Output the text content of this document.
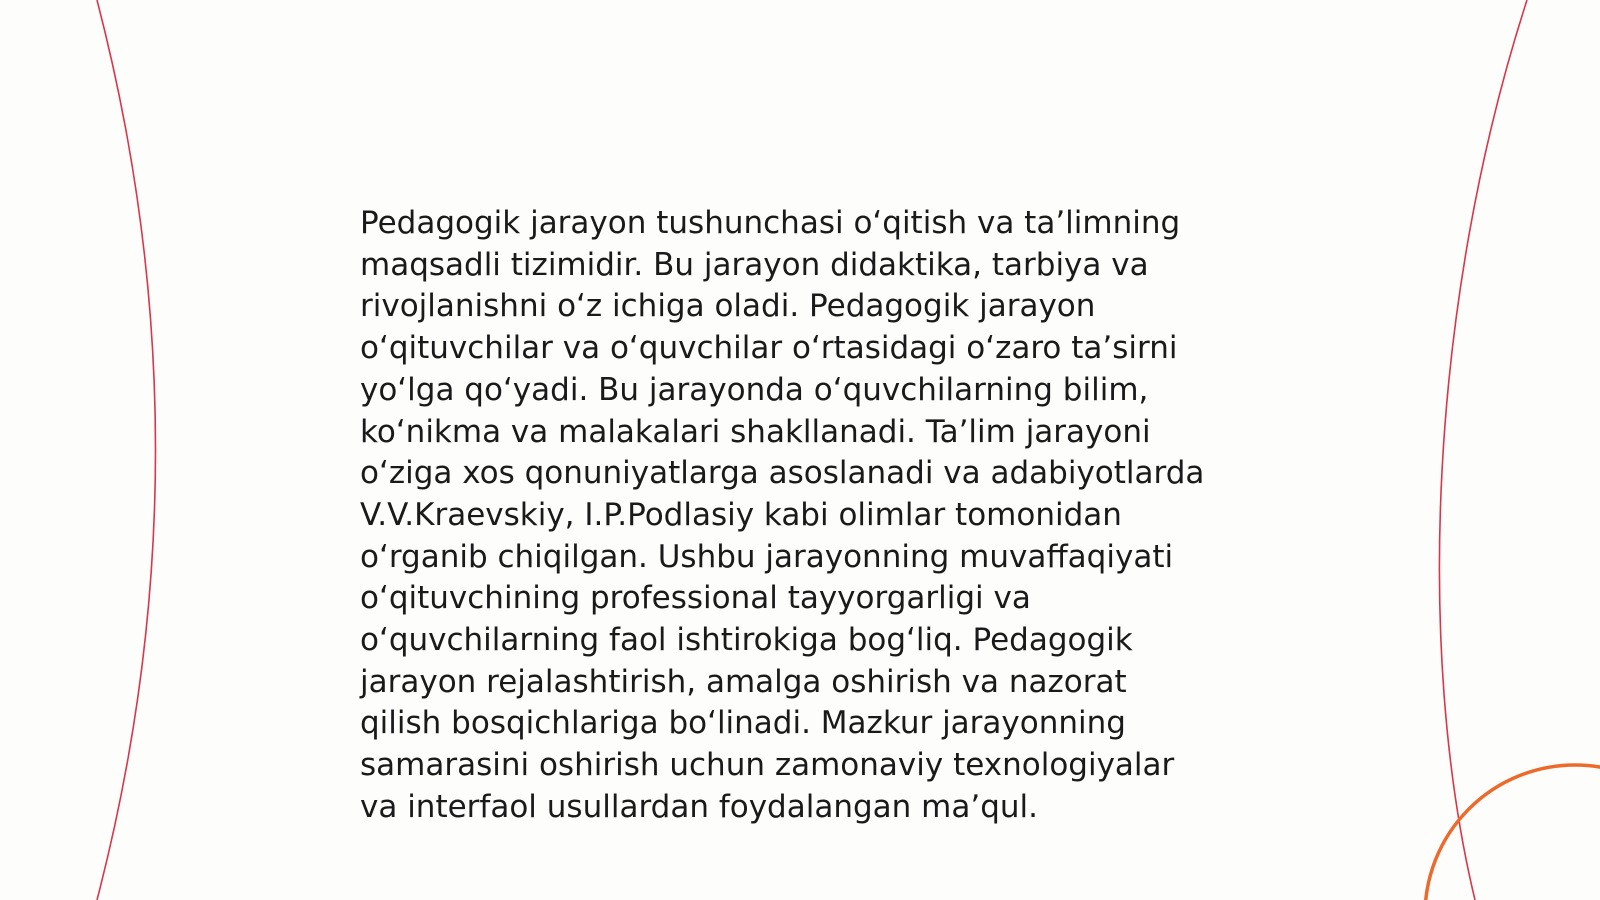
Pedagogik jarayon tushunchasi oʻqitish va taʼlimning
maqsadli tizimidir. Bu jarayon didaktika, tarbiya va
rivojlanishni oʻz ichiga oladi. Pedagogik jarayon
oʻqituvchilar va oʻquvchilar oʻrtasidagi oʻzaro taʼsirni
yoʻlga qoʻyadi. Bu jarayonda oʻquvchilarning bilim,
koʻnikma va malakalari shakllanadi. Taʼlim jarayoni
oʻziga xos qonuniyatlarga asoslanadi va adabiyotlarda
V.V.Kraevskiy, I.P.Podlasiy kabi olimlar tomonidan
oʻrganib chiqilgan. Ushbu jarayonning muvaffaqiyati
oʻqituvchining professional tayyorgarligi va
oʻquvchilarning faol ishtirokiga bogʻliq. Pedagogik
jarayon rejalashtirish, amalga oshirish va nazorat
qilish bosqichlariga boʻlinadi. Mazkur jarayonning
samarasini oshirish uchun zamonaviy texnologiyalar
va interfaol usullardan foydalangan maʼqul.
